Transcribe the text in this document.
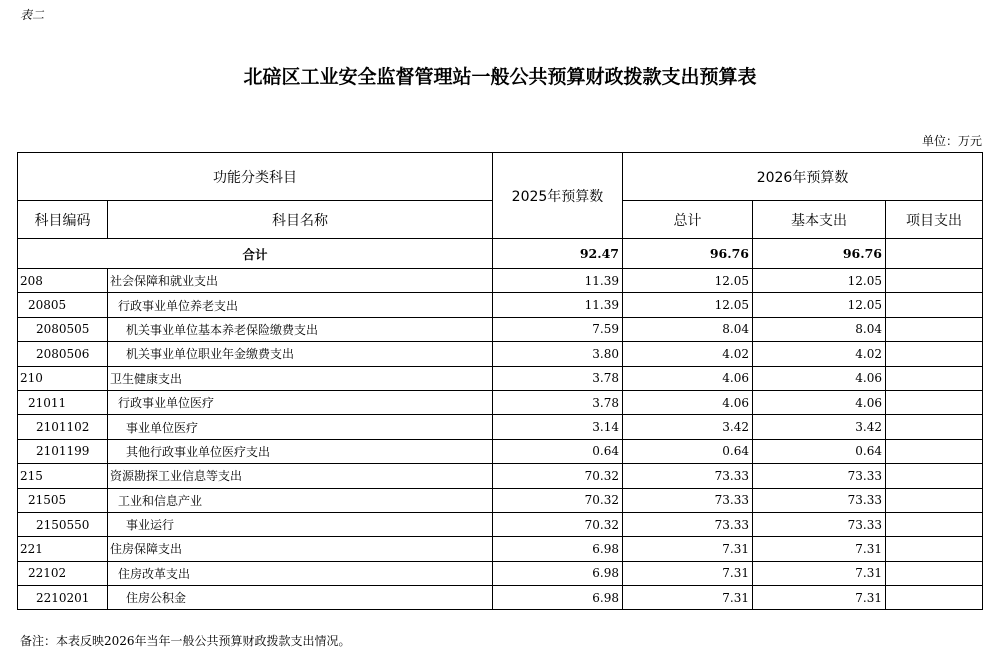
表二
北碚区工业安全监督管理站一般公共预算财政拨款支出预算表
单位：万元
功能分类科目		2025年预算数	2026年预算数		
科目编码	科目名称		总计	基本支出	项目支出
合计		92.47	96.76	96.76	
208	社会保障和就业支出	11.39	12.05	12.05	
20805	行政事业单位养老支出	11.39	12.05	12.05	
2080505	机关事业单位基本养老保险缴费支出	7.59	8.04	8.04	
2080506	机关事业单位职业年金缴费支出	3.80	4.02	4.02	
210	卫生健康支出	3.78	4.06	4.06	
21011	行政事业单位医疗	3.78	4.06	4.06	
2101102	事业单位医疗	3.14	3.42	3.42	
2101199	其他行政事业单位医疗支出	0.64	0.64	0.64	
215	资源勘探工业信息等支出	70.32	73.33	73.33	
21505	工业和信息产业	70.32	73.33	73.33	
2150550	事业运行	70.32	73.33	73.33	
221	住房保障支出	6.98	7.31	7.31	
22102	住房改革支出	6.98	7.31	7.31	
2210201	住房公积金	6.98	7.31	7.31	
备注：本表反映2026年当年一般公共预算财政拨款支出情况。
